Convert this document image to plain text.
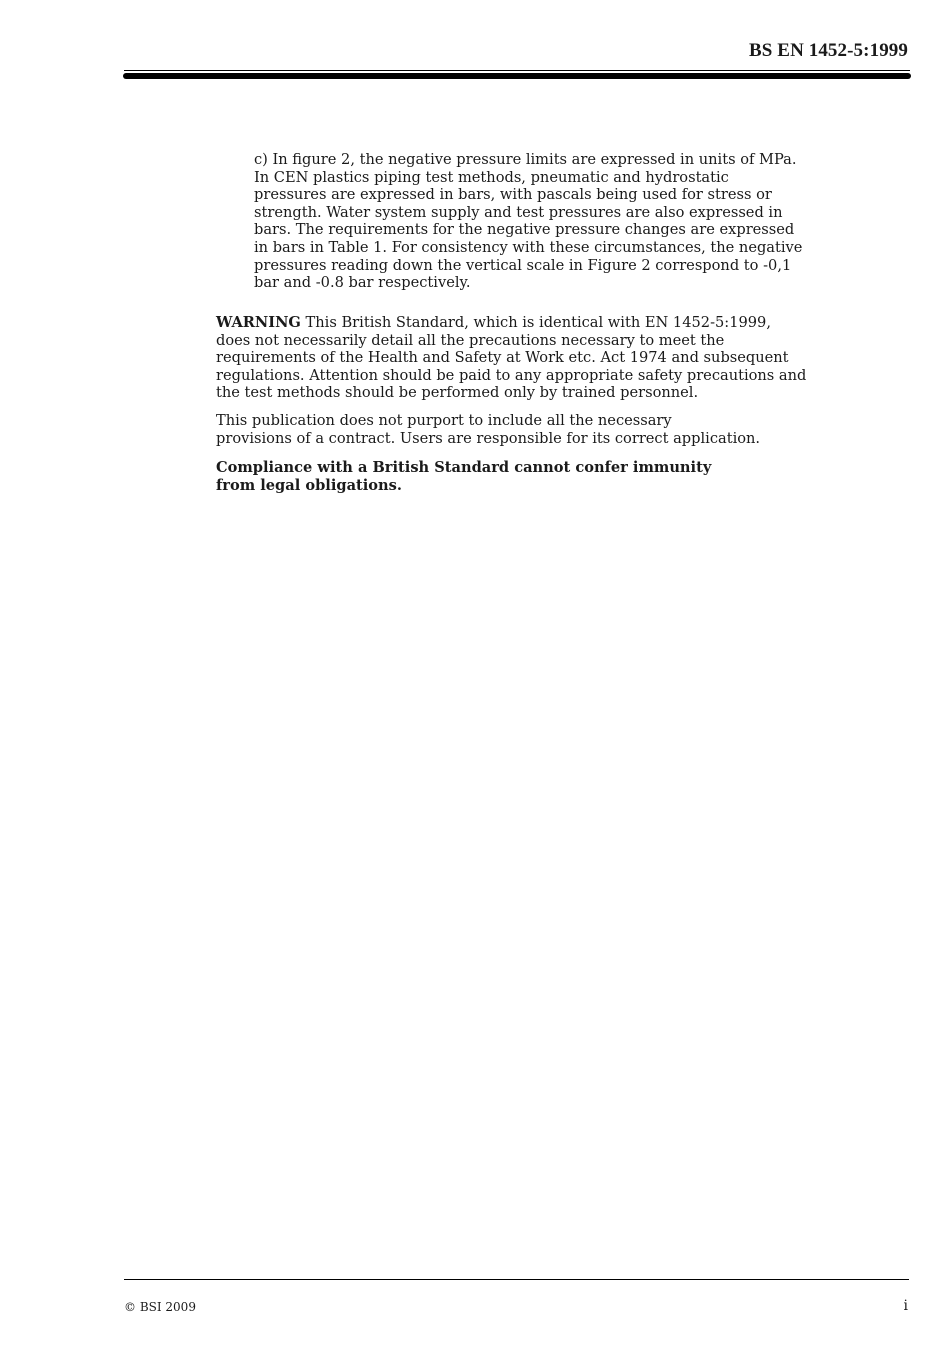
BS EN 1452-5:1999

c) In figure 2, the negative pressure limits are expressed in units of MPa. In CEN plastics piping test methods, pneumatic and hydrostatic pressures are expressed in bars, with pascals being used for stress or strength. Water system supply and test pressures are also expressed in bars. The requirements for the negative pressure changes are expressed in bars in Table 1. For consistency with these circumstances, the negative pressures reading down the vertical scale in Figure 2 correspond to -0,1 bar and -0.8 bar respectively.

WARNING This British Standard, which is identical with EN 1452-5:1999, does not necessarily detail all the precautions necessary to meet the requirements of the Health and Safety at Work etc. Act 1974 and subsequent regulations. Attention should be paid to any appropriate safety precautions and the test methods should be performed only by trained personnel.

This publication does not purport to include all the necessary
provisions of a contract. Users are responsible for its correct application.

Compliance with a British Standard cannot confer immunity
from legal obligations.

© BSI 2009	i
